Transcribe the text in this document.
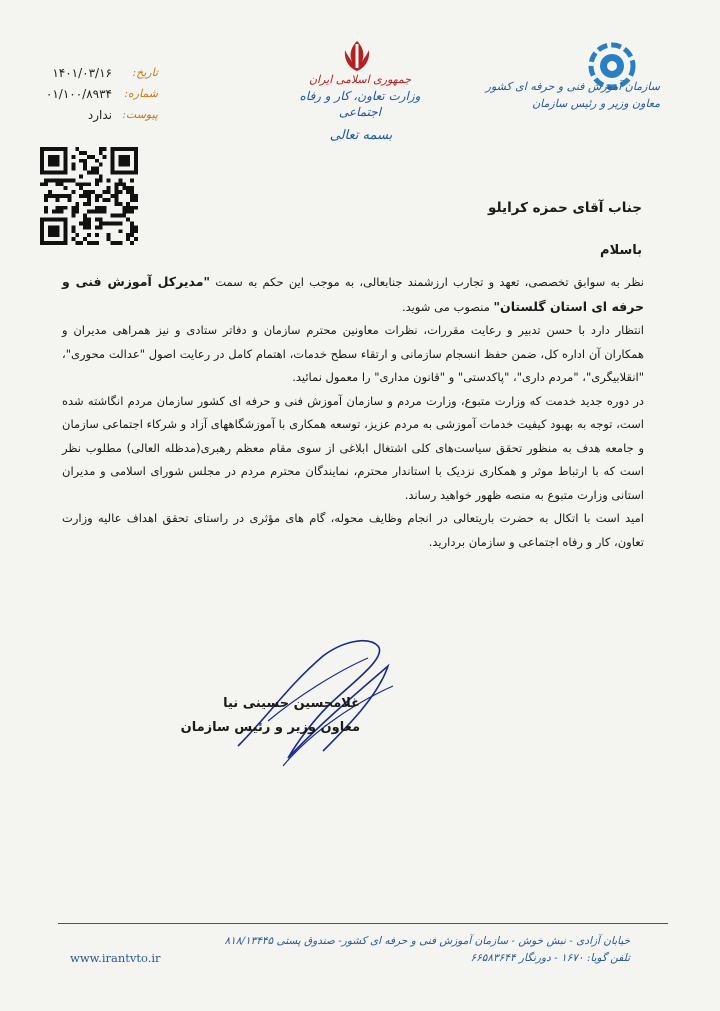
سازمان آموزش فنی و حرفه ای کشور
معاون وزیر و رئیس سازمان
جمهوری اسلامی ایران
وزارت تعاون، کار و رفاه اجتماعی
بسمه تعالی
تاریخ:
۱۴۰۱/۰۳/۱۶
شماره:
۰۱/۱۰۰/۸۹۳۴
پیوست:
ندارد
جناب آقای حمزه کرایلو
باسلام

نظر به سوابق تخصصی، تعهد و تجارب ارزشمند جنابعالی، به موجب این حکم به سمت "مدیرکل آموزش فنی و حرفه ای استان گلستان" منصوب می شوید.

انتظار دارد با حسن تدبیر و رعایت مقررات، نظرات معاونین محترم سازمان و دفاتر ستادی و نیز همراهی مدیران و همکاران آن اداره کل، ضمن حفظ انسجام سازمانی و ارتقاء سطح خدمات، اهتمام کامل در رعایت اصول "عدالت محوری"، "انقلابیگری"، "مردم داری"، "پاکدستی" و "قانون مداری" را معمول نمائید.

در دوره جدید خدمت که وزارت متبوع، وزارت مردم و سازمان آموزش فنی و حرفه ای کشور سازمان مردم انگاشته شده است، توجه به بهبود کیفیت خدمات آموزشی به مردم عزیز، توسعه همکاری با آموزشگاههای آزاد و شرکاء اجتماعی سازمان و جامعه هدف به منظور تحقق سیاست‌های کلی اشتغال ابلاغی از سوی مقام معظم رهبری(مدظله العالی) مطلوب نظر است که با ارتباط موثر و همکاری نزدیک با استاندار محترم، نمایندگان محترم مردم در مجلس شورای اسلامی و مدیران استانی وزارت متبوع به منصه ظهور خواهید رساند.

امید است با اتکال به حضرت باریتعالی در انجام وظایف محوله، گام های مؤثری در راستای تحقق اهداف عالیه وزارت تعاون، کار و رفاه اجتماعی و سازمان بردارید.

غلامحسین حسینی نیا
معاون وزیر و رئیس سازمان
خیابان آزادی - نبش خوش - سازمان آموزش فنی و حرفه ای کشور- صندوق پستی ۸۱۸/۱۳۴۴۵
تلفن گویا: ۱۶۷۰ - دورنگار ۶۶۵۸۳۶۴۴
www.irantvto.ir
